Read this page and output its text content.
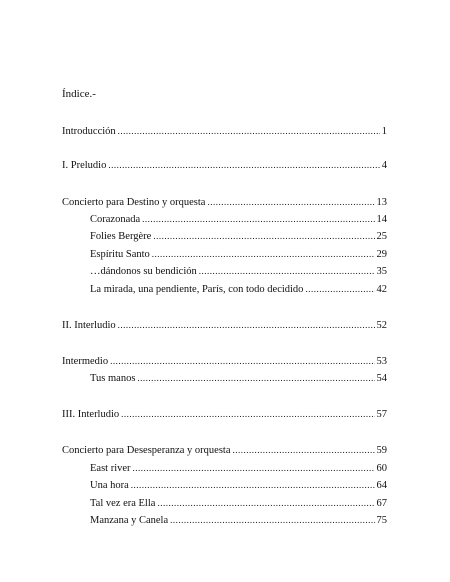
Índice.-
Introducción .....	1
I. Preludio .....	4
Concierto para Destino y orquesta .....	13
Corazonada .....	14
Folies Bergère .....	25
Espíritu Santo .....	29
…dándonos su bendición .....	35
La mirada, una pendiente, París, con todo decidido .....	42
II. Interludio .....	52
Intermedio .....	53
Tus manos .....	54
III. Interludio .....	57
Concierto para Desesperanza y orquesta .....	59
East river .....	60
Una hora .....	64
Tal vez era Ella .....	67
Manzana y Canela .....	75
